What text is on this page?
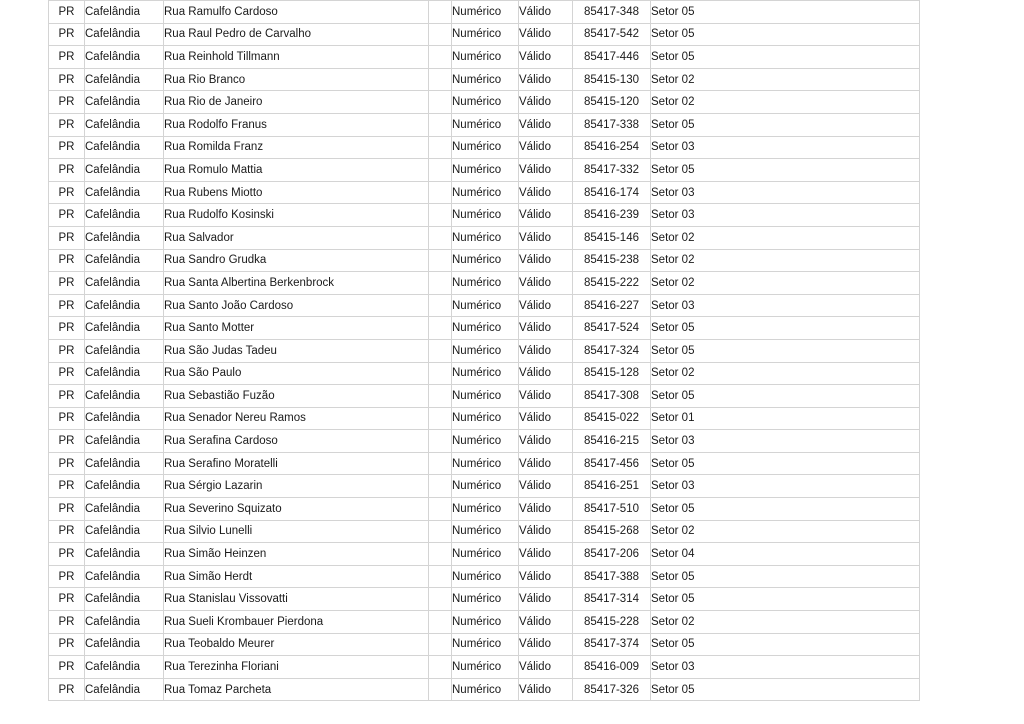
PR	Cafelândia	Rua Ramulfo Cardoso		Numérico	Válido	85417-348	Setor 05
PR	Cafelândia	Rua Raul Pedro de Carvalho		Numérico	Válido	85417-542	Setor 05
PR	Cafelândia	Rua Reinhold Tillmann		Numérico	Válido	85417-446	Setor 05
PR	Cafelândia	Rua Rio Branco		Numérico	Válido	85415-130	Setor 02
PR	Cafelândia	Rua Rio de Janeiro		Numérico	Válido	85415-120	Setor 02
PR	Cafelândia	Rua Rodolfo Franus		Numérico	Válido	85417-338	Setor 05
PR	Cafelândia	Rua Romilda Franz		Numérico	Válido	85416-254	Setor 03
PR	Cafelândia	Rua Romulo Mattia		Numérico	Válido	85417-332	Setor 05
PR	Cafelândia	Rua Rubens Miotto		Numérico	Válido	85416-174	Setor 03
PR	Cafelândia	Rua Rudolfo Kosinski		Numérico	Válido	85416-239	Setor 03
PR	Cafelândia	Rua Salvador		Numérico	Válido	85415-146	Setor 02
PR	Cafelândia	Rua Sandro Grudka		Numérico	Válido	85415-238	Setor 02
PR	Cafelândia	Rua Santa Albertina Berkenbrock		Numérico	Válido	85415-222	Setor 02
PR	Cafelândia	Rua Santo João Cardoso		Numérico	Válido	85416-227	Setor 03
PR	Cafelândia	Rua Santo Motter		Numérico	Válido	85417-524	Setor 05
PR	Cafelândia	Rua São Judas Tadeu		Numérico	Válido	85417-324	Setor 05
PR	Cafelândia	Rua São Paulo		Numérico	Válido	85415-128	Setor 02
PR	Cafelândia	Rua Sebastião Fuzão		Numérico	Válido	85417-308	Setor 05
PR	Cafelândia	Rua Senador Nereu Ramos		Numérico	Válido	85415-022	Setor 01
PR	Cafelândia	Rua Serafina Cardoso		Numérico	Válido	85416-215	Setor 03
PR	Cafelândia	Rua Serafino Moratelli		Numérico	Válido	85417-456	Setor 05
PR	Cafelândia	Rua Sérgio Lazarin		Numérico	Válido	85416-251	Setor 03
PR	Cafelândia	Rua Severino Squizato		Numérico	Válido	85417-510	Setor 05
PR	Cafelândia	Rua Silvio Lunelli		Numérico	Válido	85415-268	Setor 02
PR	Cafelândia	Rua Simão Heinzen		Numérico	Válido	85417-206	Setor 04
PR	Cafelândia	Rua Simão Herdt		Numérico	Válido	85417-388	Setor 05
PR	Cafelândia	Rua Stanislau Vissovatti		Numérico	Válido	85417-314	Setor 05
PR	Cafelândia	Rua Sueli Krombauer Pierdona		Numérico	Válido	85415-228	Setor 02
PR	Cafelândia	Rua Teobaldo Meurer		Numérico	Válido	85417-374	Setor 05
PR	Cafelândia	Rua Terezinha Floriani		Numérico	Válido	85416-009	Setor 03
PR	Cafelândia	Rua Tomaz Parcheta		Numérico	Válido	85417-326	Setor 05
